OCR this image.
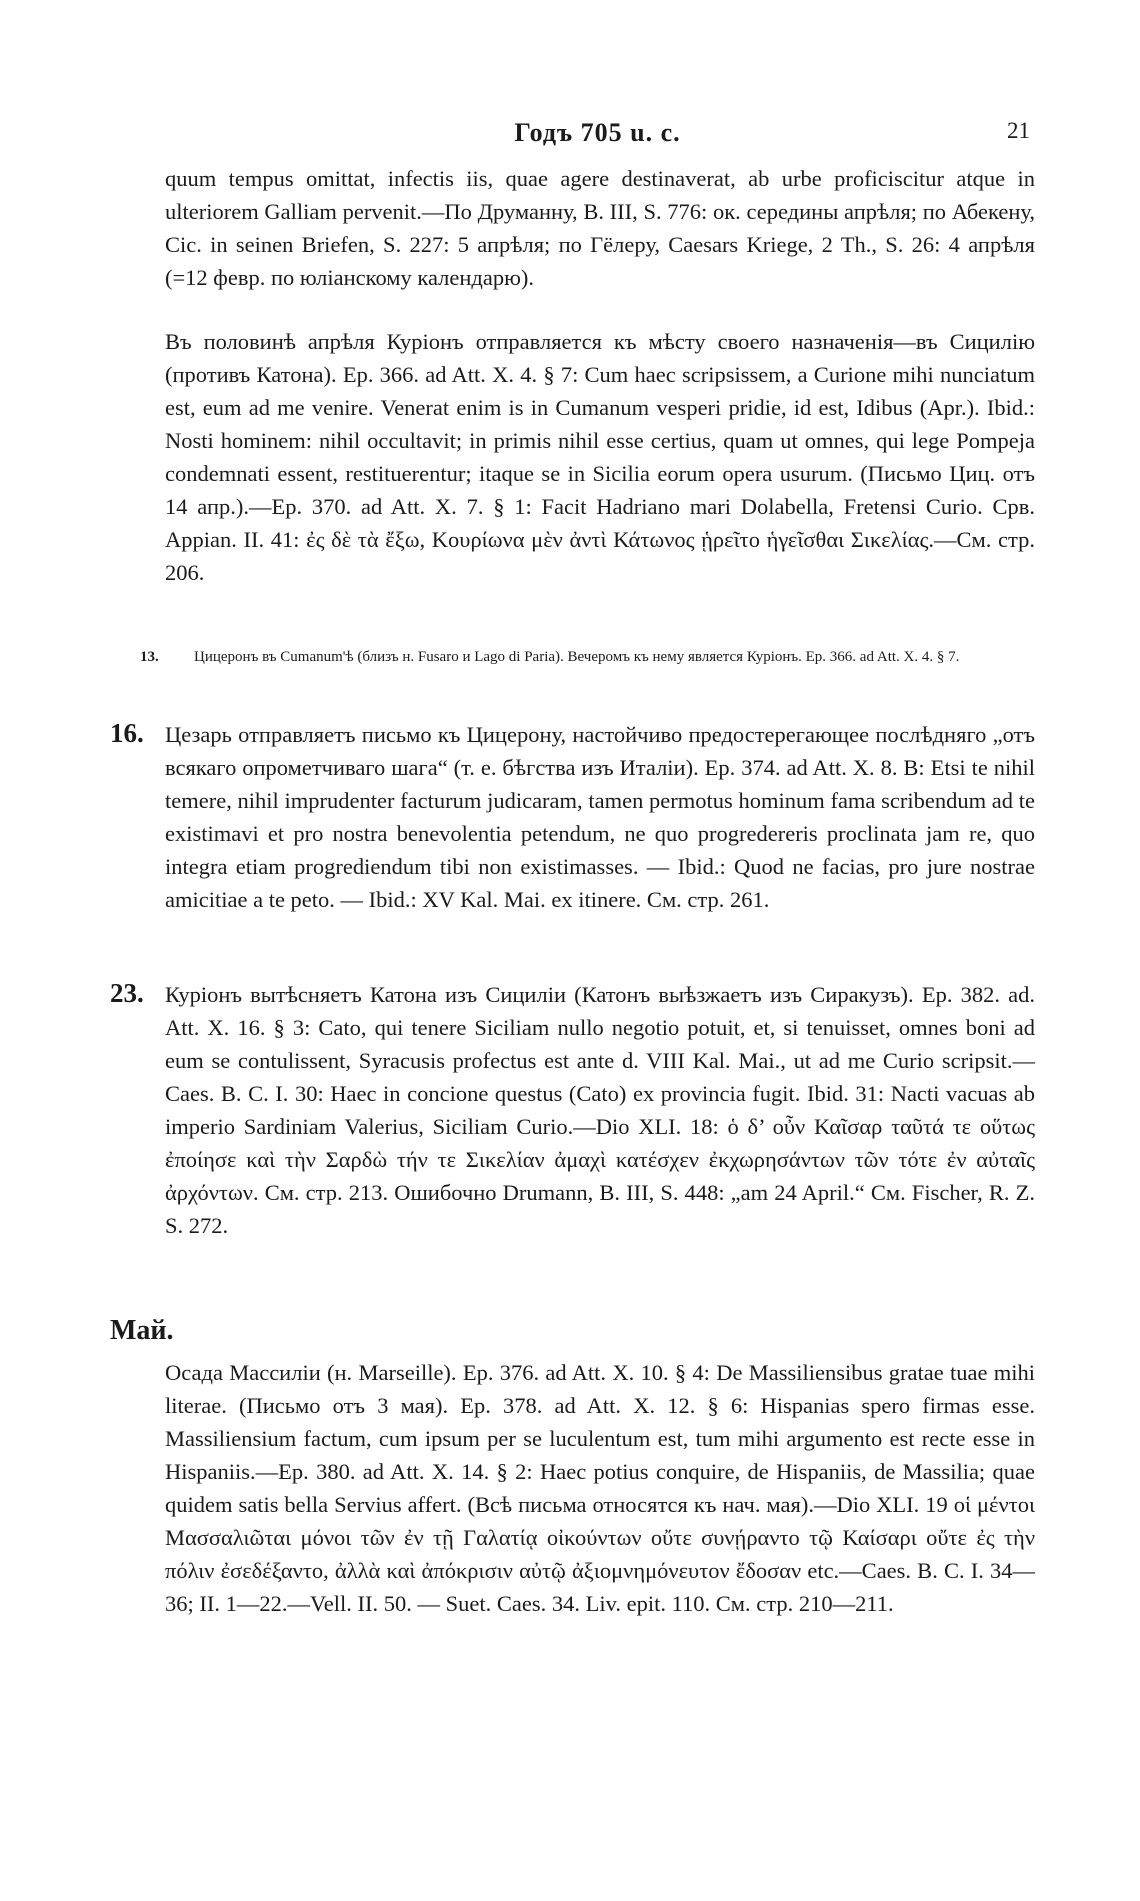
Годъ 705 u. c.	21
quum tempus omittat, infectis iis, quae agere destinaverat, ab urbe proficiscitur atque in ulteriorem Galliam pervenit.—По Друманну, B. III, S. 776: ок. середины апрѣля; по Абекену, Cic. in seinen Briefen, S. 227: 5 апрѣля; по Гёлеру, Caesars Kriege, 2 Th., S. 26: 4 апрѣля (=12 февр. по юліанскому календарю).
Въ половинѣ апрѣля Куріонъ отправляется къ мѣсту своего назначенія—въ Сицилію (противъ Катона). Ep. 366. ad Att. X. 4. § 7: Cum haec scripsissem, a Curione mihi nunciatum est, eum ad me venire. Venerat enim is in Cumanum vesperi pridie, id est, Idibus (Apr.). Ibid.: Nosti hominem: nihil occultavit; in primis nihil esse certius, quam ut omnes, qui lege Pompeja condemnati essent, restituerentur; itaque se in Sicilia eorum opera usurum. (Письмо Циц. отъ 14 апр.).—Ep. 370. ad Att. X. 7. § 1: Facit Hadriano mari Dolabella, Fretensi Curio. Срв. Appian. II. 41: ἐς δὲ τὰ ἔξω, Κουρίωνα μὲν ἀντὶ Κάτωνος ᾑρεῖτο ἡγεῖσθαι Σικελίας.—См. стр. 206.
13. Цицеронъ въ Cumanum'ѣ (близъ н. Fusaro и Lago di Paria). Вечеромъ къ нему является Куріонъ. Ep. 366. ad Att. X. 4. § 7.
16. Цезарь отправляетъ письмо къ Цицерону, настойчиво предостерегающее послѣдняго „отъ всякаго опрометчиваго шага“ (т. е. бѣгства изъ Италіи). Ep. 374. ad Att. X. 8. B: Etsi te nihil temere, nihil imprudenter facturum judicaram, tamen permotus hominum fama scribendum ad te existimavi et pro nostra benevolentia petendum, ne quo progredereris proclinata jam re, quo integra etiam progrediendum tibi non existimasses. — Ibid.: Quod ne facias, pro jure nostrae amicitiae a te peto. — Ibid.: XV Kal. Mai. ex itinere. См. стр. 261.
23. Куріонъ вытѣсняетъ Катона изъ Сициліи (Катонъ выѣзжаетъ изъ Сиракузъ). Ep. 382. ad. Att. X. 16. § 3: Cato, qui tenere Siciliam nullo negotio potuit, et, si tenuisset, omnes boni ad eum se contulissent, Syracusis profectus est ante d. VIII Kal. Mai., ut ad me Curio scripsit.—Caes. B. C. I. 30: Haec in concione questus (Cato) ex provincia fugit. Ibid. 31: Nacti vacuas ab imperio Sardiniam Valerius, Siciliam Curio.—Dio XLI. 18: ὁ δ’ οὖν Καῖσαρ ταῦτά τε οὕτως ἐποίησε καὶ τὴν Σαρδὼ τήν τε Σικελίαν ἀμαχὶ κατέσχεν ἐκχωρησάντων τῶν τότε ἐν αὐταῖς ἀρχόντων. См. стр. 213. Ошибочно Drumann, B. III, S. 448: „am 24 April.“ См. Fischer, R. Z. S. 272.
Май.
Осада Массиліи (н. Marseille). Ep. 376. ad Att. X. 10. § 4: De Massiliensibus gratae tuae mihi literae. (Письмо отъ 3 мая). Ep. 378. ad Att. X. 12. § 6: Hispanias spero firmas esse. Massiliensium factum, cum ipsum per se luculentum est, tum mihi argumento est recte esse in Hispaniis.—Ep. 380. ad Att. X. 14. § 2: Haec potius conquire, de Hispaniis, de Massilia; quae quidem satis bella Servius affert. (Всѣ письма относятся къ нач. мая).—Dio XLI. 19 οἱ μέντοι Μασσαλιῶται μόνοι τῶν ἐν τῇ Γαλατίᾳ οἰκούντων οὔτε συνῄραντο τῷ Καίσαρι οὔτε ἐς τὴν πόλιν ἐσεδέξαντο, ἀλλὰ καὶ ἀπόκρισιν αὐτῷ ἀξιομνημόνευτον ἔδοσαν etc.—Caes. B. C. I. 34—36; II. 1—22.—Vell. II. 50. — Suet. Caes. 34. Liv. epit. 110. См. стр. 210—211.
